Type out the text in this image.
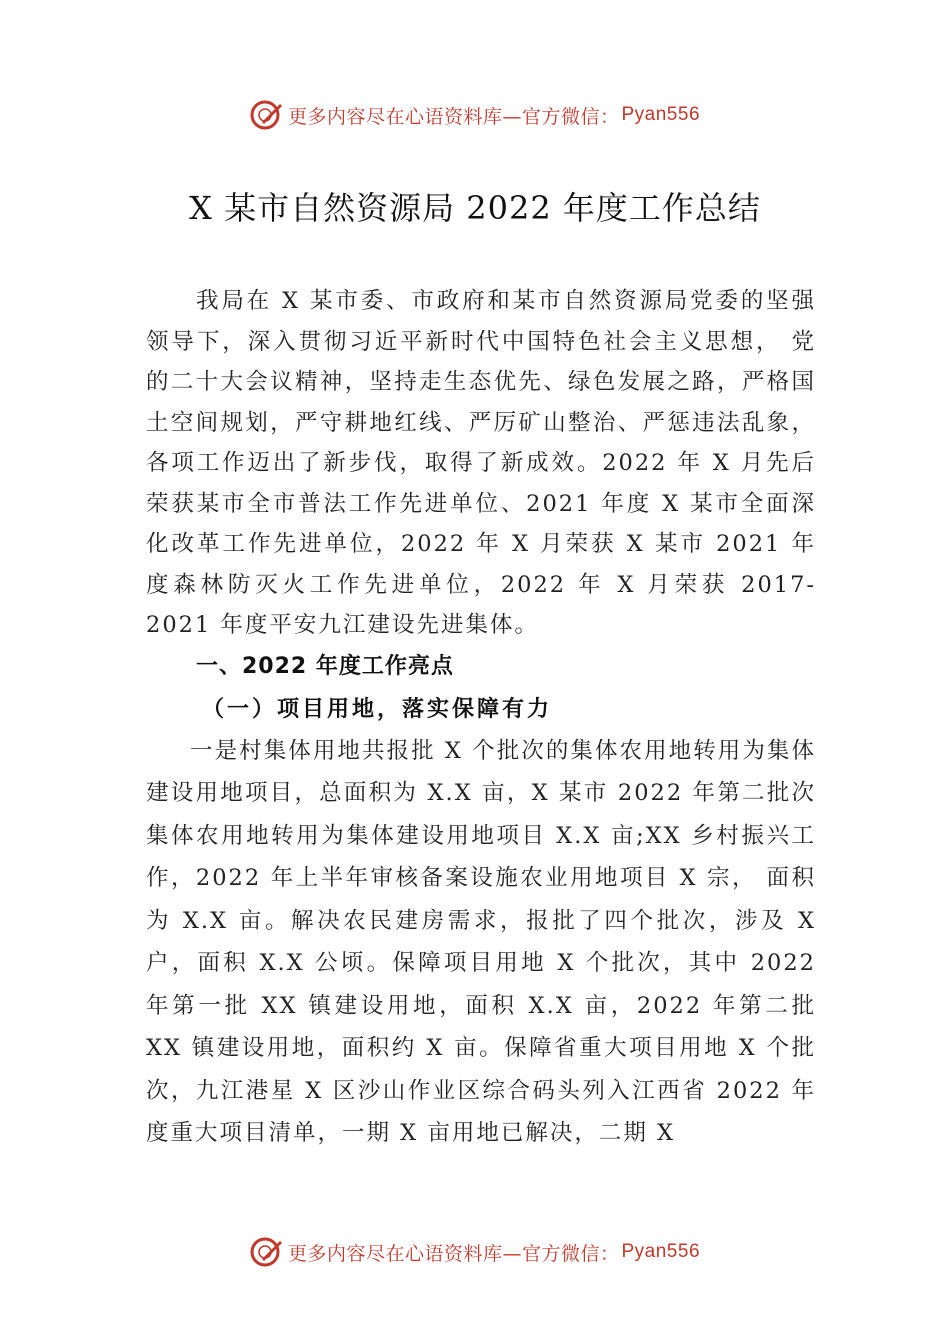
更多内容尽在心语资料库—官方微信： Pyan556
X 某市自然资源局 2022 年度工作总结

我局在 X 某市委、市政府和某市自然资源局党委的坚强领导下，深入贯彻习近平新时代中国特色社会主义思想， 党的二十大会议精神，坚持走生态优先、绿色发展之路，严格国土空间规划，严守耕地红线、严厉矿山整治、严惩违法乱象，各项工作迈出了新步伐，取得了新成效。2022 年 X 月先后荣获某市全市普法工作先进单位、2021 年度 X 某市全面深化改革工作先进单位，2022 年 X 月荣获 X 某市 2021 年度森林防灭火工作先进单位，2022 年 X 月荣获 2017-2021 年度平安九江建设先进集体。

一、2022 年度工作亮点

（一）项目用地，落实保障有力

一是村集体用地共报批 X 个批次的集体农用地转用为集体建设用地项目，总面积为 X.X 亩，X 某市 2022 年第二批次集体农用地转用为集体建设用地项目 X.X 亩;XX 乡村振兴工作，2022 年上半年审核备案设施农业用地项目 X 宗， 面积为 X.X 亩。解决农民建房需求，报批了四个批次，涉及 X 户，面积 X.X 公顷。保障项目用地 X 个批次，其中 2022 年第一批 XX 镇建设用地，面积 X.X 亩，2022 年第二批 XX 镇建设用地，面积约 X 亩。保障省重大项目用地 X 个批次，九江港星 X 区沙山作业区综合码头列入江西省 2022 年度重大项目清单，一期 X 亩用地已解决，二期 X

更多内容尽在心语资料库—官方微信： Pyan556
